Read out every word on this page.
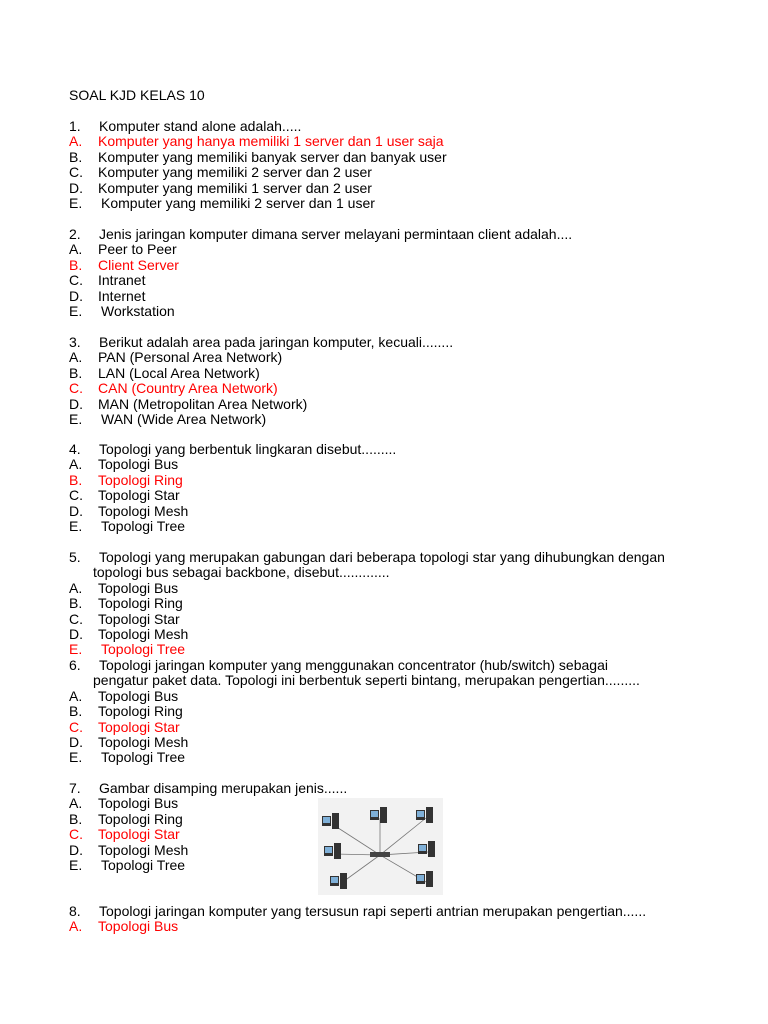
SOAL KJD KELAS 10
1. Komputer stand alone adalah.....
A. Komputer yang hanya memiliki 1 server dan 1 user saja
B. Komputer yang memiliki banyak server dan banyak user
C. Komputer yang memiliki 2 server dan 2 user
D. Komputer yang memiliki 1 server dan 2 user
E. Komputer yang memiliki 2 server dan 1 user
2. Jenis jaringan komputer dimana server melayani permintaan client adalah....
A. Peer to Peer
B. Client Server
C. Intranet
D. Internet
E. Workstation
3. Berikut adalah area pada jaringan komputer, kecuali........
A. PAN (Personal Area Network)
B. LAN (Local Area Network)
C. CAN (Country Area Network)
D. MAN (Metropolitan Area Network)
E. WAN (Wide Area Network)
4. Topologi yang berbentuk lingkaran disebut.........
A. Topologi Bus
B. Topologi Ring
C. Topologi Star
D. Topologi Mesh
E. Topologi Tree
5. Topologi yang merupakan gabungan dari beberapa topologi star yang dihubungkan dengan
topologi bus sebagai backbone, disebut.............
A. Topologi Bus
B. Topologi Ring
C. Topologi Star
D. Topologi Mesh
E. Topologi Tree
6. Topologi jaringan komputer yang menggunakan concentrator (hub/switch) sebagai
pengatur paket data. Topologi ini berbentuk seperti bintang, merupakan pengertian.........
A. Topologi Bus
B. Topologi Ring
C. Topologi Star
D. Topologi Mesh
E. Topologi Tree
7. Gambar disamping merupakan jenis......
A. Topologi Bus
B. Topologi Ring
C. Topologi Star
D. Topologi Mesh
E. Topologi Tree
8. Topologi jaringan komputer yang tersusun rapi seperti antrian merupakan pengertian......
A. Topologi Bus
